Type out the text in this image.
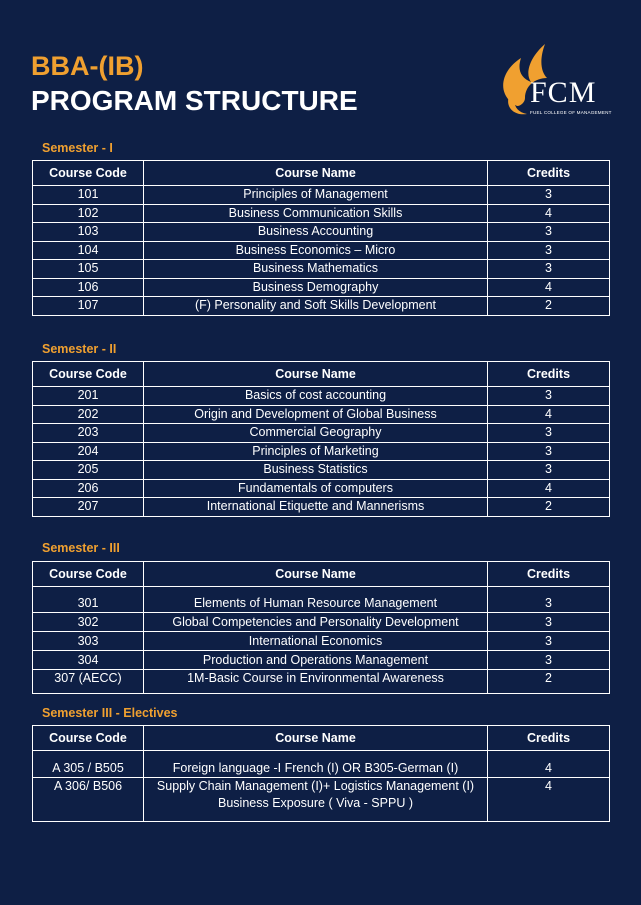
BBA-(IB)
PROGRAM STRUCTURE	FCM
FUEL COLLEGE OF MANAGEMENT
Semester - I
Course Code	Course Name	Credits
101	Principles of Management	3
102	Business Communication Skills	4
103	Business Accounting	3
104	Business Economics – Micro	3
105	Business Mathematics	3
106	Business Demography	4
107	(F) Personality and Soft Skills Development	2
Semester - II
Course Code	Course Name	Credits
201	Basics of cost accounting	3
202	Origin and Development of Global Business	4
203	Commercial Geography	3
204	Principles of Marketing	3
205	Business Statistics	3
206	Fundamentals of computers	4
207	International Etiquette and Mannerisms	2
Semester - III
Course Code	Course Name	Credits
301	Elements of Human Resource Management	3
302	Global Competencies and Personality Development	3
303	International Economics	3
304	Production and Operations Management	3
307 (AECC)	1M-Basic Course in Environmental Awareness	2
Semester III - Electives
Course Code	Course Name	Credits
A 305 / B505	Foreign language -I French (I) OR B305-German (I)	4
A 306/ B506	Supply Chain Management (I)+ Logistics Management (I)
Business Exposure ( Viva - SPPU )	4
